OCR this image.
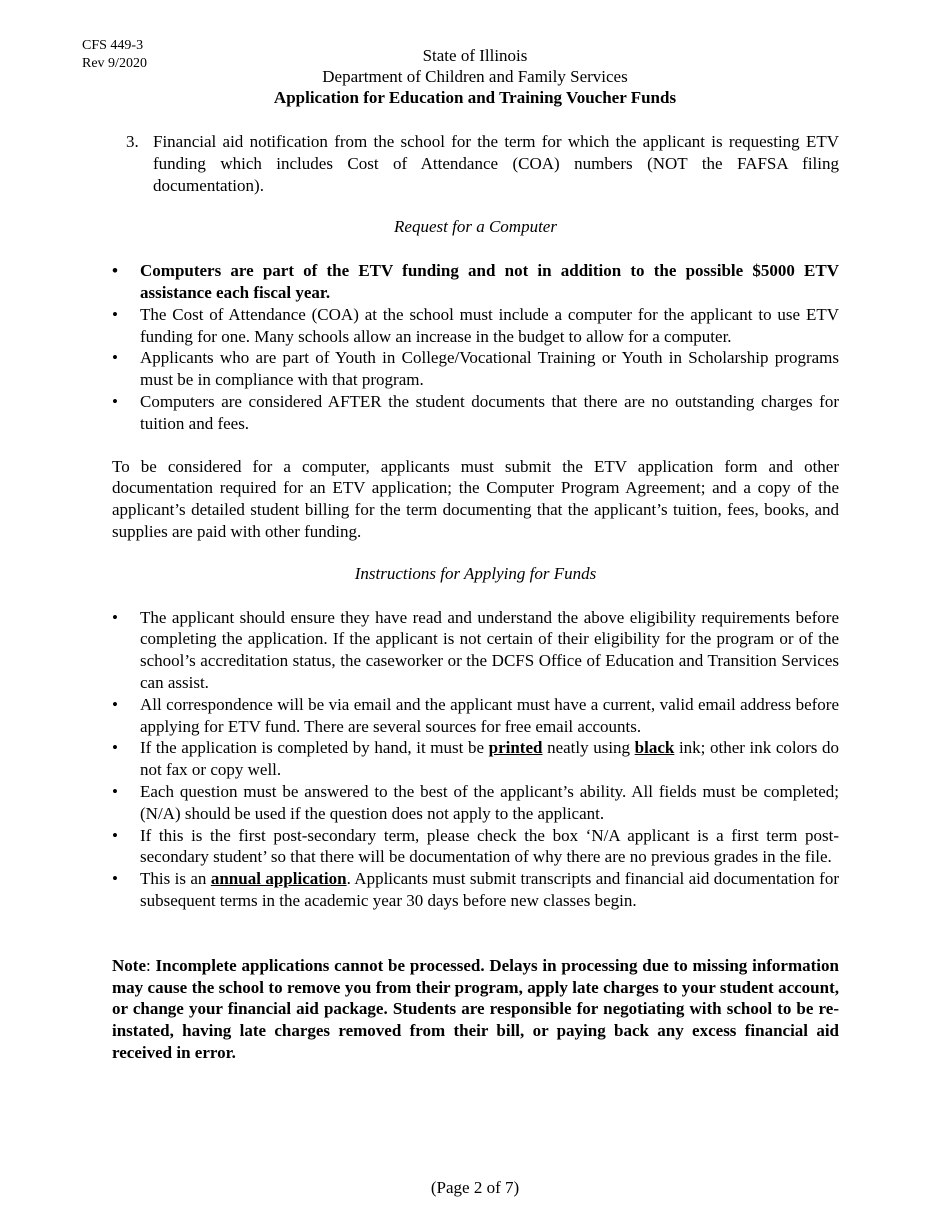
CFS 449-3
Rev 9/2020	State of Illinois
Department of Children and Family Services
Application for Education and Training Voucher Funds
3. Financial aid notification from the school for the term for which the applicant is requesting ETV funding which includes Cost of Attendance (COA) numbers (NOT the FAFSA filing documentation).
Request for a Computer
• Computers are part of the ETV funding and not in addition to the possible $5000 ETV assistance each fiscal year.
• The Cost of Attendance (COA) at the school must include a computer for the applicant to use ETV funding for one. Many schools allow an increase in the budget to allow for a computer.
• Applicants who are part of Youth in College/Vocational Training or Youth in Scholarship programs must be in compliance with that program.
• Computers are considered AFTER the student documents that there are no outstanding charges for tuition and fees.

To be considered for a computer, applicants must submit the ETV application form and other documentation required for an ETV application; the Computer Program Agreement; and a copy of the applicant’s detailed student billing for the term documenting that the applicant’s tuition, fees, books, and supplies are paid with other funding.

Instructions for Applying for Funds
• The applicant should ensure they have read and understand the above eligibility requirements before completing the application. If the applicant is not certain of their eligibility for the program or of the school’s accreditation status, the caseworker or the DCFS Office of Education and Transition Services can assist.
• All correspondence will be via email and the applicant must have a current, valid email address before applying for ETV fund. There are several sources for free email accounts.
• If the application is completed by hand, it must be printed neatly using black ink; other ink colors do not fax or copy well.
• Each question must be answered to the best of the applicant’s ability. All fields must be completed; (N/A) should be used if the question does not apply to the applicant.
• If this is the first post-secondary term, please check the box ‘N/A applicant is a first term post-secondary student’ so that there will be documentation of why there are no previous grades in the file.
• This is an annual application. Applicants must submit transcripts and financial aid documentation for subsequent terms in the academic year 30 days before new classes begin.

Note: Incomplete applications cannot be processed. Delays in processing due to missing information may cause the school to remove you from their program, apply late charges to your student account, or change your financial aid package. Students are responsible for negotiating with school to be re-instated, having late charges removed from their bill, or paying back any excess financial aid received in error.

(Page 2 of 7)
